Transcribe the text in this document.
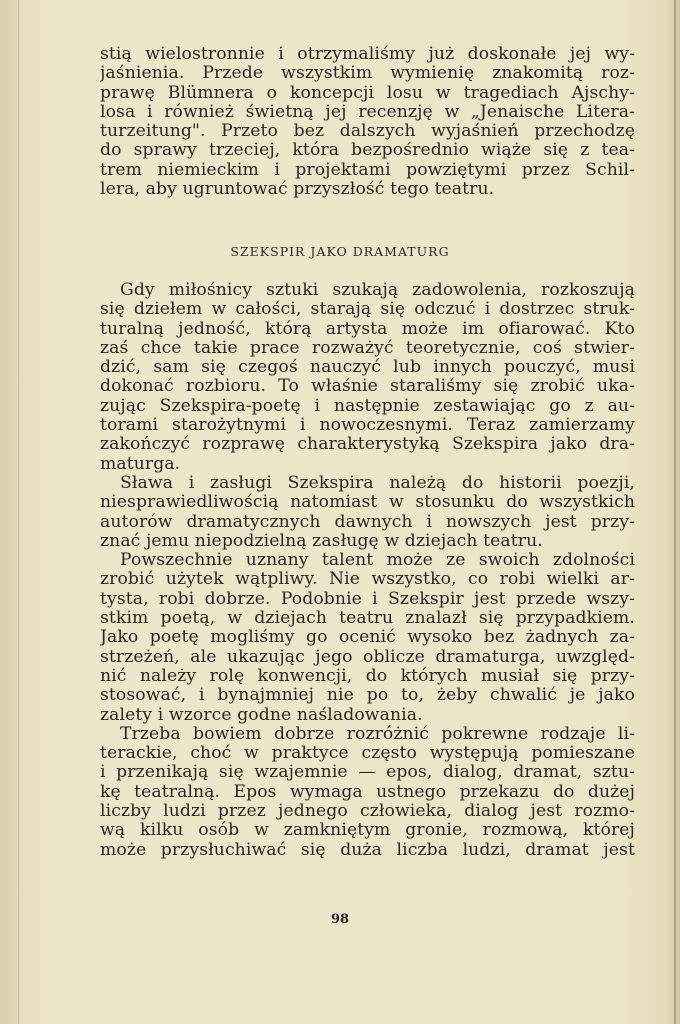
stią wielostronnie i otrzymaliśmy już doskonałe jej wy-
jaśnienia. Przede wszystkim wymienię znakomitą roz-
prawę Blümnera o koncepcji losu w tragediach Ajschy-
losa i również świetną jej recenzję w „Jenaische Litera-
turzeitung". Przeto bez dalszych wyjaśnień przechodzę
do sprawy trzeciej, która bezpośrednio wiąże się z tea-
trem niemieckim i projektami powziętymi przez Schil-
lera, aby ugruntować przyszłość tego teatru.
SZEKSPIR JAKO DRAMATURG
Gdy miłośnicy sztuki szukają zadowolenia, rozkoszują
się dziełem w całości, starają się odczuć i dostrzec struk-
turalną jedność, którą artysta może im ofiarować. Kto
zaś chce takie prace rozważyć teoretycznie, coś stwier-
dzić, sam się czegoś nauczyć lub innych pouczyć, musi
dokonać rozbioru. To właśnie staraliśmy się zrobić uka-
zując Szekspira-poetę i następnie zestawiając go z au-
torami starożytnymi i nowoczesnymi. Teraz zamierzamy
zakończyć rozprawę charakterystyką Szekspira jako dra-
maturga.
Sława i zasługi Szekspira należą do historii poezji,
niesprawiedliwością natomiast w stosunku do wszystkich
autorów dramatycznych dawnych i nowszych jest przy-
znać jemu niepodzielną zasługę w dziejach teatru.
Powszechnie uznany talent może ze swoich zdolności
zrobić użytek wątpliwy. Nie wszystko, co robi wielki ar-
tysta, robi dobrze. Podobnie i Szekspir jest przede wszy-
stkim poetą, w dziejach teatru znalazł się przypadkiem.
Jako poetę mogliśmy go ocenić wysoko bez żadnych za-
strzeżeń, ale ukazując jego oblicze dramaturga, uwzględ-
nić należy rolę konwencji, do których musiał się przy-
stosować, i bynajmniej nie po to, żeby chwalić je jako
zalety i wzorce godne naśladowania.
Trzeba bowiem dobrze rozróżnić pokrewne rodzaje li-
terackie, choć w praktyce często występują pomieszane
i przenikają się wzajemnie — epos, dialog, dramat, sztu-
kę teatralną. Epos wymaga ustnego przekazu do dużej
liczby ludzi przez jednego człowieka, dialog jest rozmo-
wą kilku osób w zamkniętym gronie, rozmową, której
może przysłuchiwać się duża liczba ludzi, dramat jest
98
